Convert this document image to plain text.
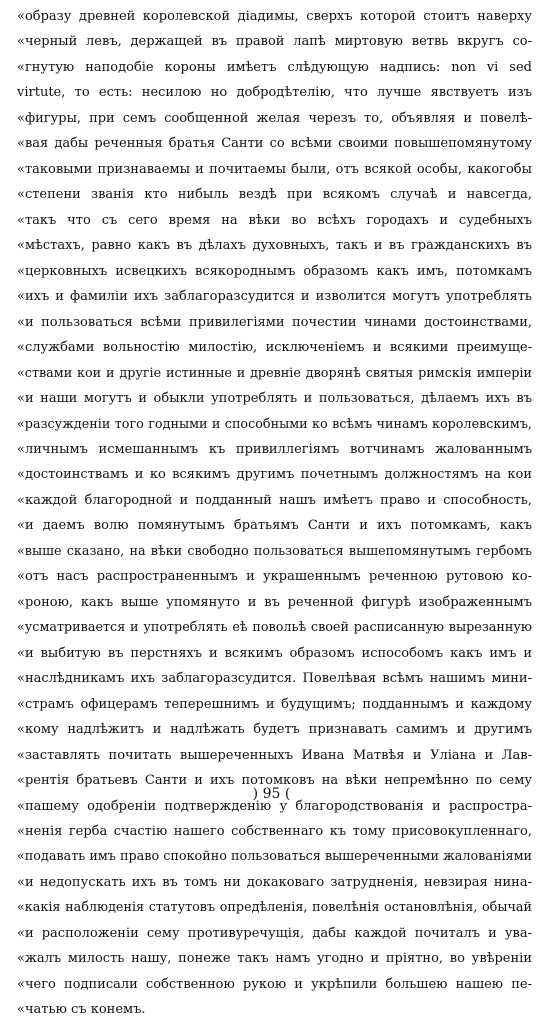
«образу древней королевской діадимы, сверхъ которой стоитъ наверху
«черный левъ, держащей въ правой лапѣ миртовую ветвь вкругъ со-
«гнутую наподобіе короны имѣетъ слѣдующую надпись: non vi sed
virtute, то есть: несилою но добродѣтелію, что лучше явствуетъ изъ
«фигуры, при семъ сообщенной желая черезъ то, объявляя и повелѣ-
«вая дабы реченныя братья Санти со всѣми своими повышепомянутому
«таковыми признаваемы и почитаемы были, отъ всякой особы, какогобы
«степени званія кто нибыль вездѣ при всякомъ случаѣ и навсегда,
«такъ что съ сего время на вѣки во всѣхъ городахъ и судебныхъ
«мѣстахъ, равно какъ въ дѣлахъ духовныхъ, такъ и въ гражданскихъ въ
«церковныхъ исвецкихъ всякороднымъ образомъ какъ имъ, потомкамъ
«ихъ и фамиліи ихъ заблагоразсудится и изволится могутъ употреблять
«и пользоваться всѣми привилегіями почестии чинами достоинствами,
«службами вольностію милостію, исключеніемъ и всякими преимуще-
«ствами кои и другіе истинные и древніе дворянѣ святыя римскія имперіи
«и наши могутъ и обыкли употреблять и пользоваться, дѣлаемъ ихъ въ
«разсужденіи того годными и способными ко всѣмъ чинамъ королевскимъ,
«личнымъ исмешаннымъ къ привиллегіямъ вотчинамъ жалованнымъ
«достоинствамъ и ко всякимъ другимъ почетнымъ должностямъ на кои
«каждой благородной и подданный нашъ имѣетъ право и способность,
«и даемъ волю помянутымъ братьямъ Санти и ихъ потомкамъ, какъ
«выше сказано, на вѣки свободно пользоваться вышепомянутымъ гербомъ
«отъ насъ распространеннымъ и украшеннымъ реченною рутовою ко-
«роною, какъ выше упомянуто и въ реченной фигурѣ изображеннымъ
«усматривается и употреблять eѣ повольѣ своей расписанную вырезанную
«и выбитую въ перстняхъ и всякимъ образомъ испособомъ какъ имъ и
«наслѣдникамъ ихъ заблагоразсудится. Повелѣвая всѣмъ нашимъ мини-
«страмъ офицерамъ теперешнимъ и будущимъ; подданнымъ и каждому
«кому надлѣжитъ и надлѣжать будетъ признавать самимъ и другимъ
«заставлять почитать вышереченныхъ Ивана Матвѣя и Уліана и Лав-
«рентія братьевъ Санти и ихъ потомковъ на вѣки непремѣнно по сему
«пашему одобреніи подтвержденію у благородствованія и распростра-
«ненія герба счастію нашего собственнаго къ тому присовокупленнаго,
«подавать имъ право спокойно пользоваться вышереченными жалованіями
«и недопускать ихъ въ томъ ни докаковаго затрудненія, невзирая нина-
«какія наблюденія статутовъ опредѣленія, повелѣнія остановлѣнія, обычай
«и расположеніи сему противуречущія, дабы каждой почиталъ и ува-
«жалъ милость нашу, понеже такъ намъ угодно и прiятно, во увѣреніи
«чего подписали собственною рукою и укрѣпили большею нашею пе-
«чатью съ конемъ.
) 95 (
